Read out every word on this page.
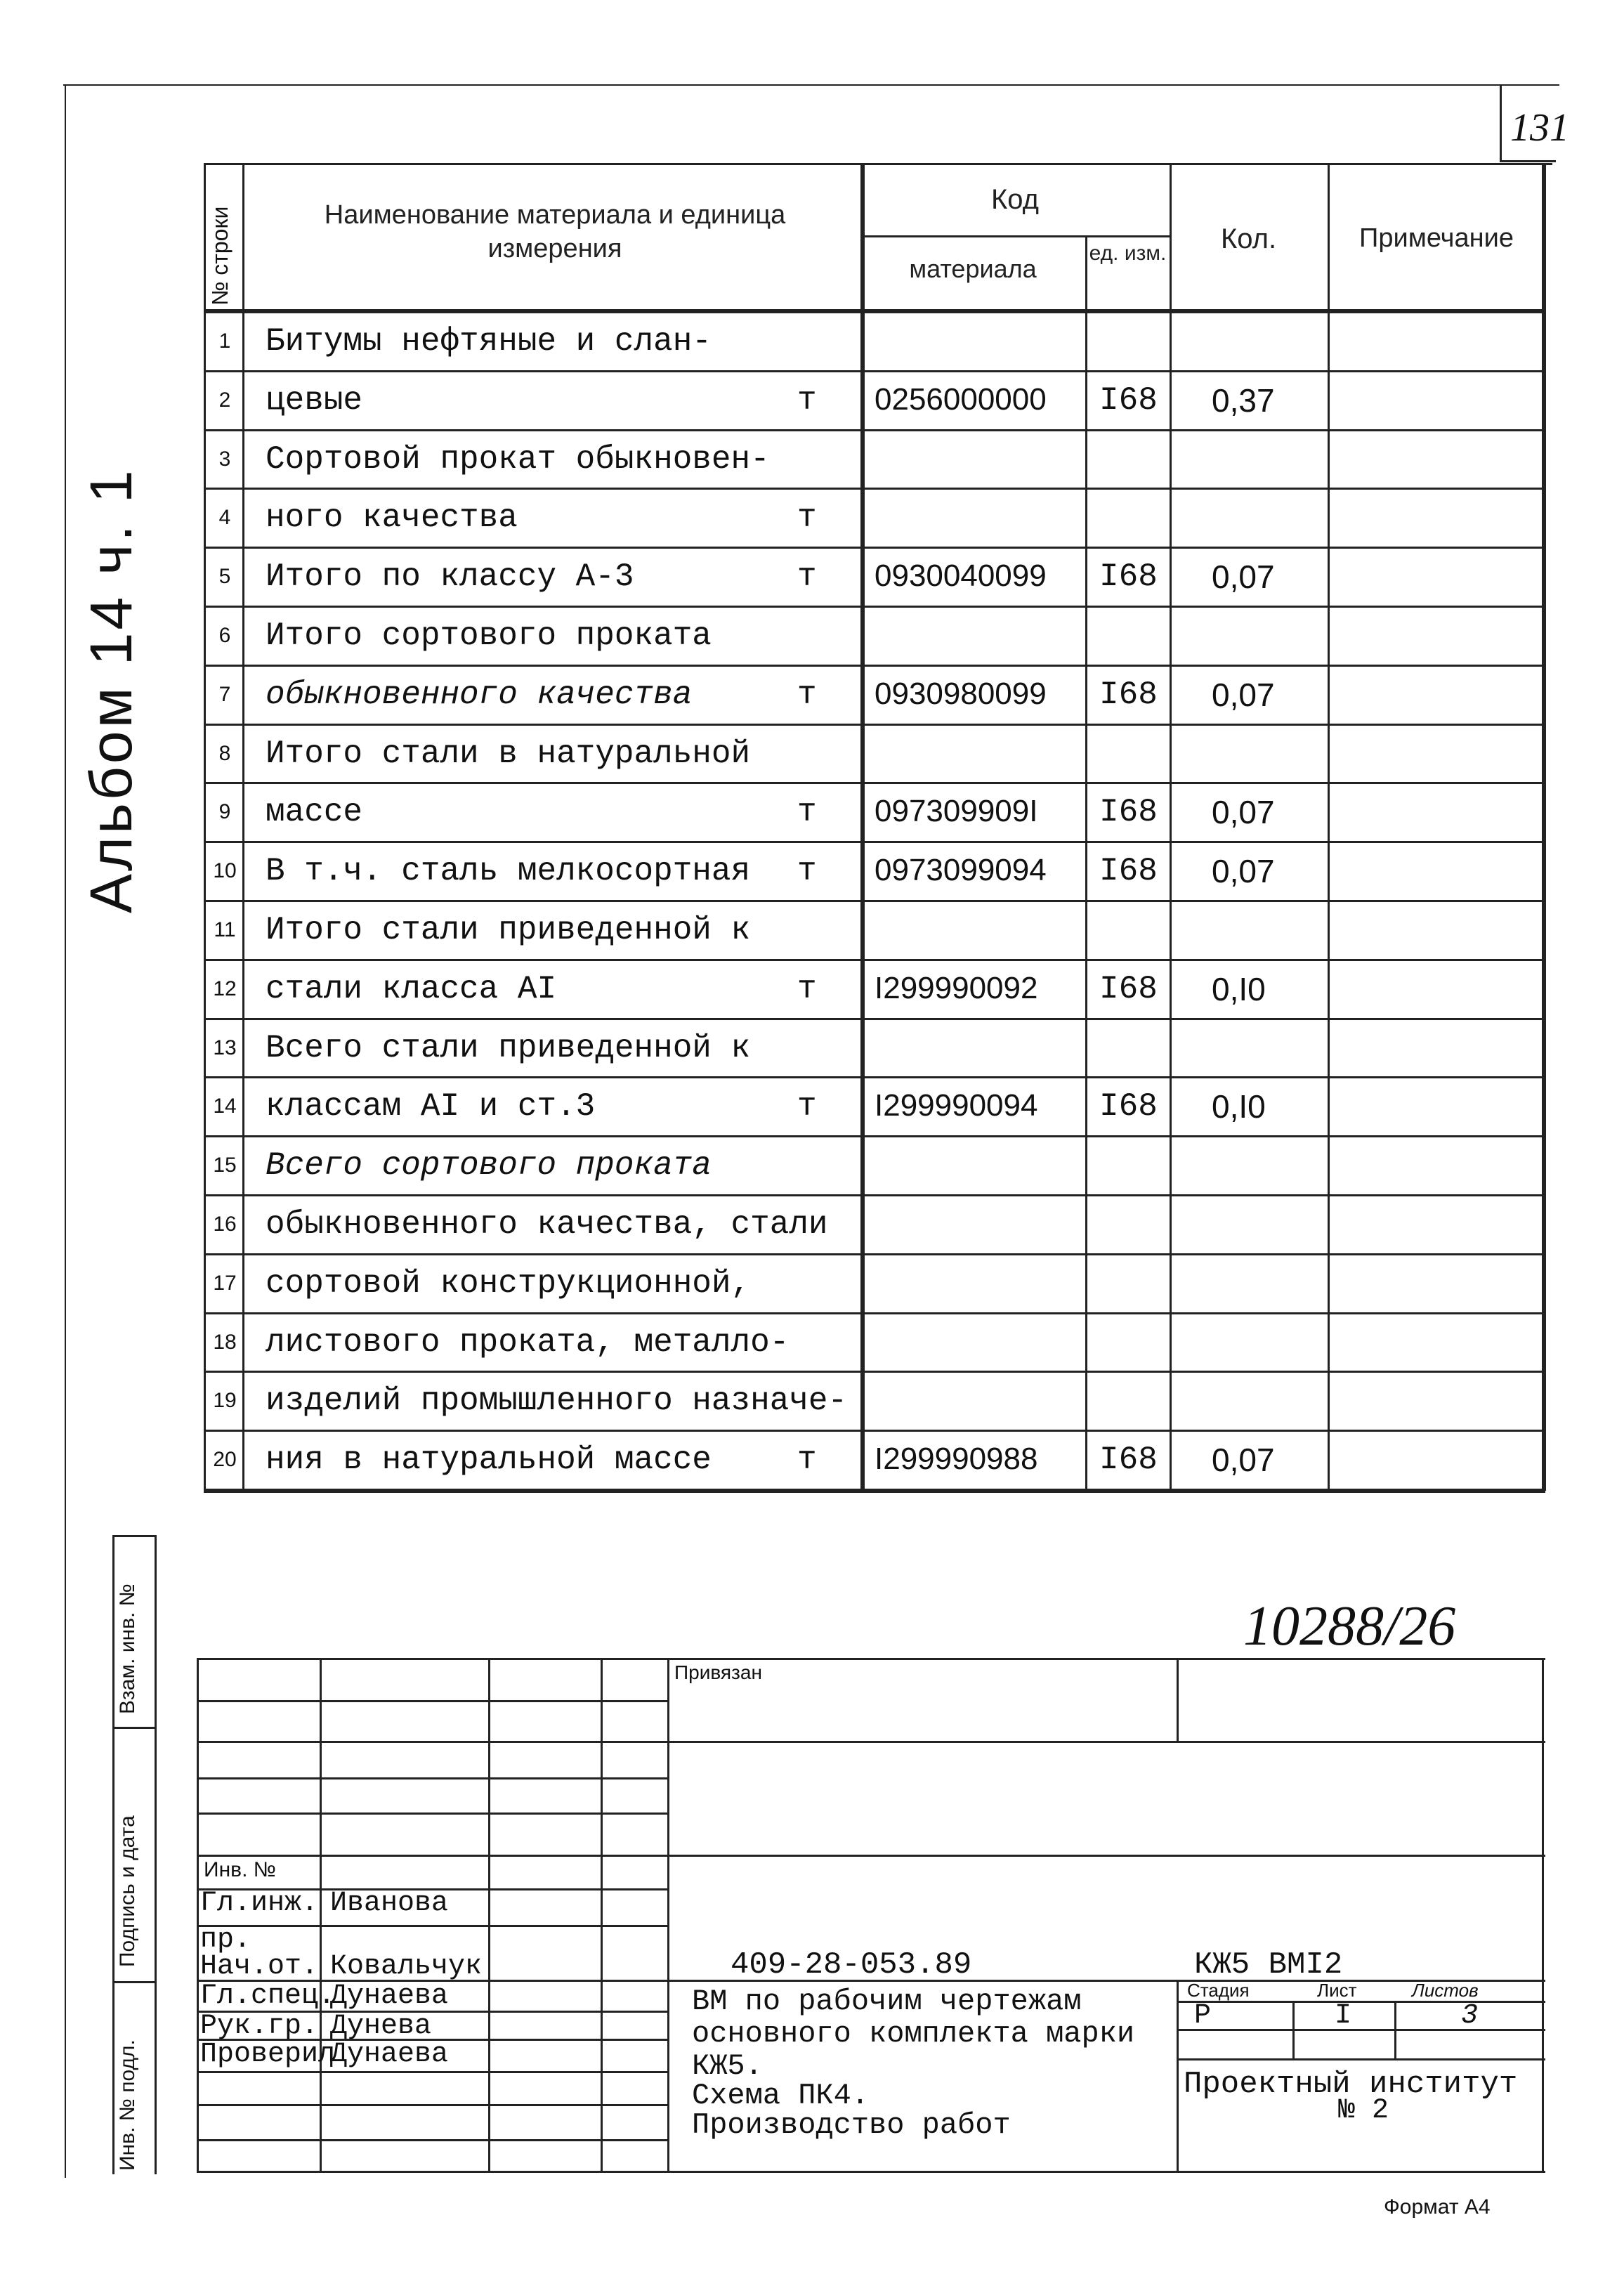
131
Альбом 14 ч. 1
№ строки	Наименование материала и единица измерения
Код
материала
ед. изм.	Кол.	Примечание
1 Битумы нефтяные и слан-
2 цевые	т 0256000000 I68 0,37
3 Сортовой прокат обыкновен-
4 ного качества	т
5 Итого по классу А-3	т 0930040099 I68 0,07
6 Итого сортового проката
7 обыкновенного качества	т 0930980099 I68 0,07
8 Итого стали в натуральной
9 массе	т 097309909I I68 0,07
10 В т.ч. сталь мелкосортная т 0973099094 I68 0,07
11 Итого стали приведенной к
12 стали класса АI	т I299990092 I68 0,I0
13 Всего стали приведенной к
14 классам АI и ст.3	т I299990094 I68 0,I0
15 Всего сортового проката
16 обыкновенного качества, стали
17 сортовой конструкционной,
18 листового проката, металло-
19 изделий промышленного назначе-
20 ния в натуральной массе	т I299990988 I68 0,07
10288/26
Взам. инв. №
Подпись и дата
Инв. № подл.
Привязан
Инв. №
Гл.инж. Иванова
пр.
Нач.от. Ковальчук
Гл.спец.
Дунаева
Рук.гр. Дунева
Проверил
Дунаева
409-28-053.89	КЖ5 ВМI2
ВМ по рабочим чертежам
основного комплекта марки
КЖ5.
Схема ПК4.
Производство работ
Стадия	Лист	Листов
Р	I	3
Проектный институт
№ 2
Формат А4
